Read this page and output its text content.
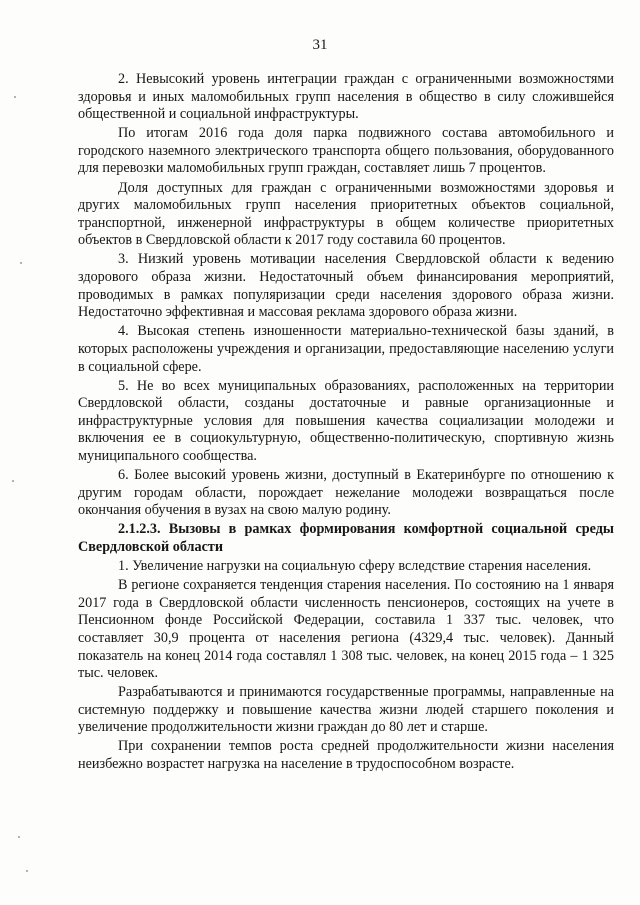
31

2. Невысокий уровень интеграции граждан с ограниченными возможностями здоровья и иных маломобильных групп населения в общество в силу сложившейся общественной и социальной инфраструктуры.

По итогам 2016 года доля парка подвижного состава автомобильного и городского наземного электрического транспорта общего пользования, оборудованного для перевозки маломобильных групп граждан, составляет лишь 7 процентов.

Доля доступных для граждан с ограниченными возможностями здоровья и других маломобильных групп населения приоритетных объектов социальной, транспортной, инженерной инфраструктуры в общем количестве приоритетных объектов в Свердловской области к 2017 году составила 60 процентов.

3. Низкий уровень мотивации населения Свердловской области к ведению здорового образа жизни. Недостаточный объем финансирования мероприятий, проводимых в рамках популяризации среди населения здорового образа жизни. Недостаточно эффективная и массовая реклама здорового образа жизни.

4. Высокая степень изношенности материально-технической базы зданий, в которых расположены учреждения и организации, предоставляющие населению услуги в социальной сфере.

5. Не во всех муниципальных образованиях, расположенных на территории Свердловской области, созданы достаточные и равные организационные и инфраструктурные условия для повышения качества социализации молодежи и включения ее в социокультурную, общественно-политическую, спортивную жизнь муниципального сообщества.

6. Более высокий уровень жизни, доступный в Екатеринбурге по отношению к другим городам области, порождает нежелание молодежи возвращаться после окончания обучения в вузах на свою малую родину.

2.1.2.3. Вызовы в рамках формирования комфортной социальной среды Свердловской области

1. Увеличение нагрузки на социальную сферу вследствие старения населения.

В регионе сохраняется тенденция старения населения. По состоянию на 1 января 2017 года в Свердловской области численность пенсионеров, состоящих на учете в Пенсионном фонде Российской Федерации, составила 1 337 тыс. человек, что составляет 30,9 процента от населения региона (4329,4 тыс. человек). Данный показатель на конец 2014 года составлял 1 308 тыс. человек, на конец 2015 года – 1 325 тыс. человек.

Разрабатываются и принимаются государственные программы, направленные на системную поддержку и повышение качества жизни людей старшего поколения и увеличение продолжительности жизни граждан до 80 лет и старше.

При сохранении темпов роста средней продолжительности жизни населения неизбежно возрастет нагрузка на население в трудоспособном возрасте.
